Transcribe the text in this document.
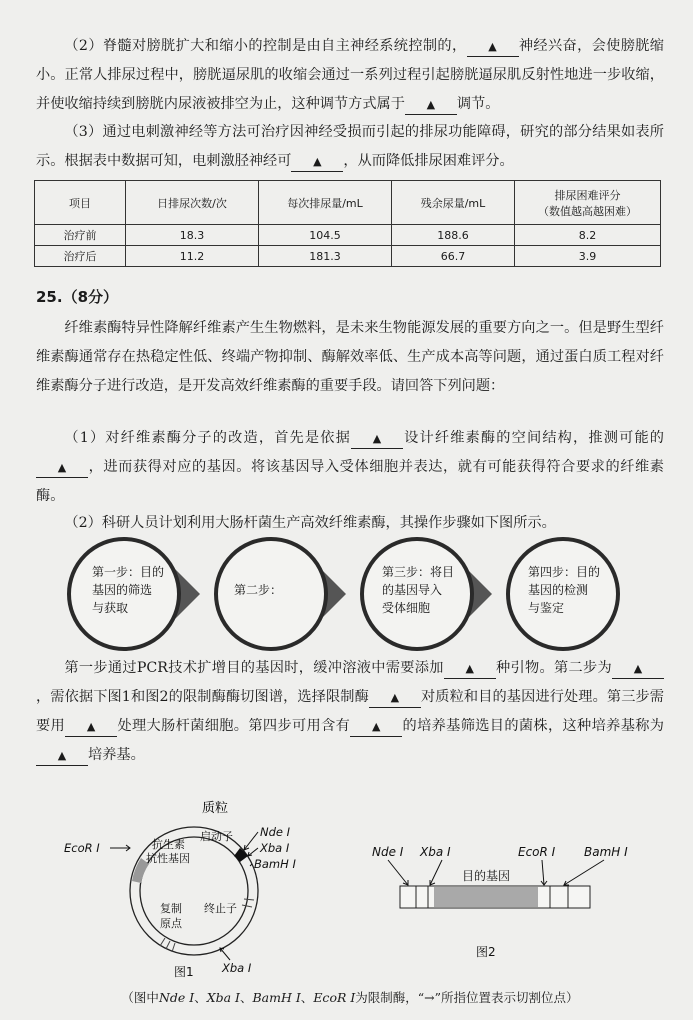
（2）脊髓对膀胱扩大和缩小的控制是由自主神经系统控制的， ▲ 神经兴奋，会使膀胱缩小。正常人排尿过程中，膀胱逼尿肌的收缩会通过一系列过程引起膀胱逼尿肌反射性地进一步收缩，并使收缩持续到膀胱内尿液被排空为止，这种调节方式属于 ▲ 调节。
（3）通过电刺激神经等方法可治疗因神经受损而引起的排尿功能障碍，研究的部分结果如表所示。根据表中数据可知，电刺激胫神经可 ▲ ，从而降低排尿困难评分。
项目	日排尿次数/次	每次排尿量/mL	残余尿量/mL	排尿困难评分
（数值越高越困难）
治疗前	18.3	104.5	188.6	8.2
治疗后	11.2	181.3	66.7	3.9
25.（8分）
纤维素酶特异性降解纤维素产生生物燃料，是未来生物能源发展的重要方向之一。但是野生型纤维素酶通常存在热稳定性低、终端产物抑制、酶解效率低、生产成本高等问题，通过蛋白质工程对纤维素酶分子进行改造，是开发高效纤维素酶的重要手段。请回答下列问题：
（1）对纤维素酶分子的改造，首先是依据 ▲ 设计纤维素酶的空间结构，推测可能的▲ ，进而获得对应的基因。将该基因导入受体细胞并表达，就有可能获得符合要求的纤维素酶。
（2）科研人员计划利用大肠杆菌生产高效纤维素酶，其操作步骤如下图所示。
第一步：目的
基因的筛选
与获取
第二步：
第三步：将目
的基因导入
受体细胞
第四步：目的
基因的检测
与鉴定
第一步通过PCR技术扩增目的基因时，缓冲溶液中需要添加 ▲ 种引物。第二步为 ▲，需依据下图1和图2的限制酶酶切图谱，选择限制酶 ▲ 对质粒和目的基因进行处理。第三步需要用 ▲ 处理大肠杆菌细胞。第四步可用含有 ▲ 的培养基筛选目的菌株，这种培养基称为▲ 培养基。
质粒
抗生素
抗性基因
启动子
复制
原点
终止子
EcoR Ⅰ
Nde Ⅰ
Xba Ⅰ
BamH Ⅰ
Xba Ⅰ
图1
Nde Ⅰ Xba Ⅰ	EcoR Ⅰ BamH Ⅰ
目的基因
图2
（图中Nde Ⅰ、Xba Ⅰ、BamH Ⅰ、EcoR Ⅰ为限制酶，“→”所指位置表示切割位点）
